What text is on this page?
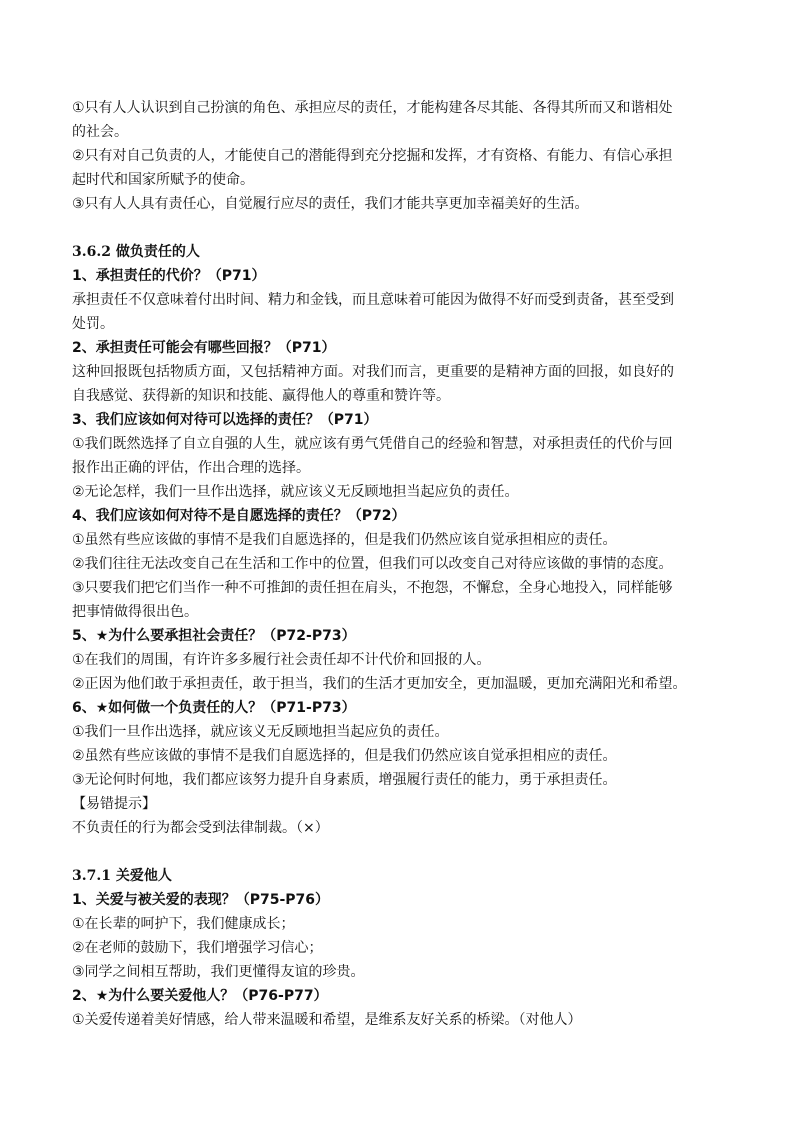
①只有人人认识到自己扮演的角色、承担应尽的责任，才能构建各尽其能、各得其所而又和谐相处
的社会。
②只有对自己负责的人，才能使自己的潜能得到充分挖掘和发挥，才有资格、有能力、有信心承担
起时代和国家所赋予的使命。
③只有人人具有责任心，自觉履行应尽的责任，我们才能共享更加幸福美好的生活。
3.6.2 做负责任的人
1、承担责任的代价？（P71）
承担责任不仅意味着付出时间、精力和金钱，而且意味着可能因为做得不好而受到责备，甚至受到
处罚。
2、承担责任可能会有哪些回报？（P71）
这种回报既包括物质方面，又包括精神方面。对我们而言，更重要的是精神方面的回报，如良好的
自我感觉、获得新的知识和技能、赢得他人的尊重和赞许等。
3、我们应该如何对待可以选择的责任？（P71）
①我们既然选择了自立自强的人生，就应该有勇气凭借自己的经验和智慧，对承担责任的代价与回
报作出正确的评估，作出合理的选择。
②无论怎样，我们一旦作出选择，就应该义无反顾地担当起应负的责任。
4、我们应该如何对待不是自愿选择的责任？（P72）
①虽然有些应该做的事情不是我们自愿选择的，但是我们仍然应该自觉承担相应的责任。
②我们往往无法改变自己在生活和工作中的位置，但我们可以改变自己对待应该做的事情的态度。
③只要我们把它们当作一种不可推卸的责任担在肩头，不抱怨，不懈怠，全身心地投入，同样能够
把事情做得很出色。
5、★为什么要承担社会责任？（P72-P73）
①在我们的周围，有许许多多履行社会责任却不计代价和回报的人。
②正因为他们敢于承担责任，敢于担当，我们的生活才更加安全，更加温暖，更加充满阳光和希望。
6、★如何做一个负责任的人？（P71-P73）
①我们一旦作出选择，就应该义无反顾地担当起应负的责任。
②虽然有些应该做的事情不是我们自愿选择的，但是我们仍然应该自觉承担相应的责任。
③无论何时何地，我们都应该努力提升自身素质，增强履行责任的能力，勇于承担责任。
【易错提示】
不负责任的行为都会受到法律制裁。（×）
3.7.1 关爱他人
1、关爱与被关爱的表现？（P75-P76）
①在长辈的呵护下，我们健康成长；
②在老师的鼓励下，我们增强学习信心；
③同学之间相互帮助，我们更懂得友谊的珍贵。
2、★为什么要关爱他人？（P76-P77）
①关爱传递着美好情感，给人带来温暖和希望，是维系友好关系的桥梁。（对他人）
